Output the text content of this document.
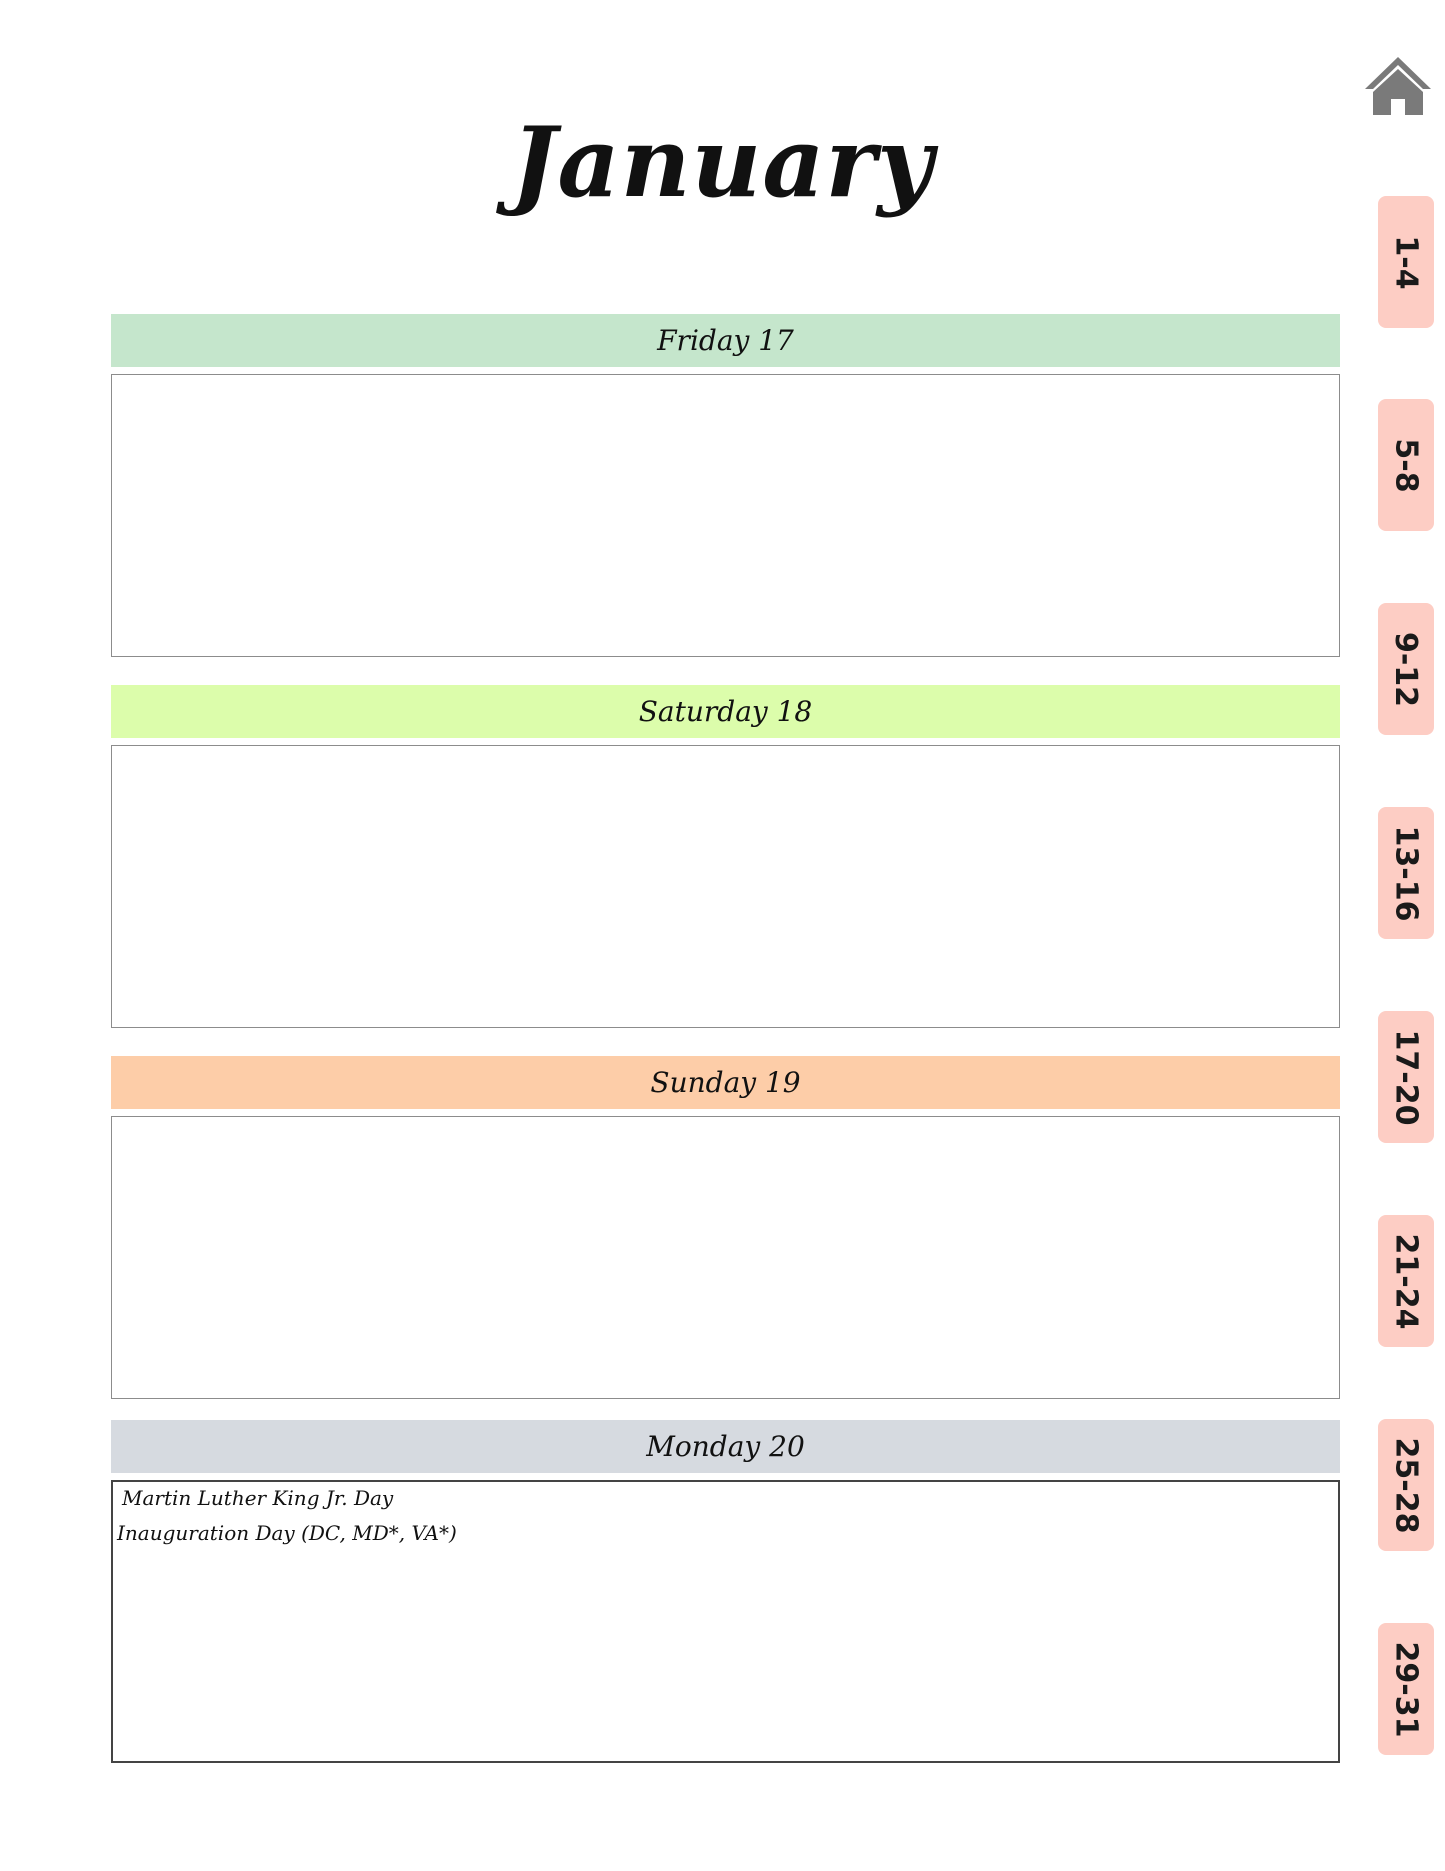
January
Friday 17
Saturday 18
Sunday 19
Monday 20
Martin Luther King Jr. Day
Inauguration Day (DC, MD*, VA*)
1-4
5-8
9-12
13-16
17-20
21-24
25-28
29-31
